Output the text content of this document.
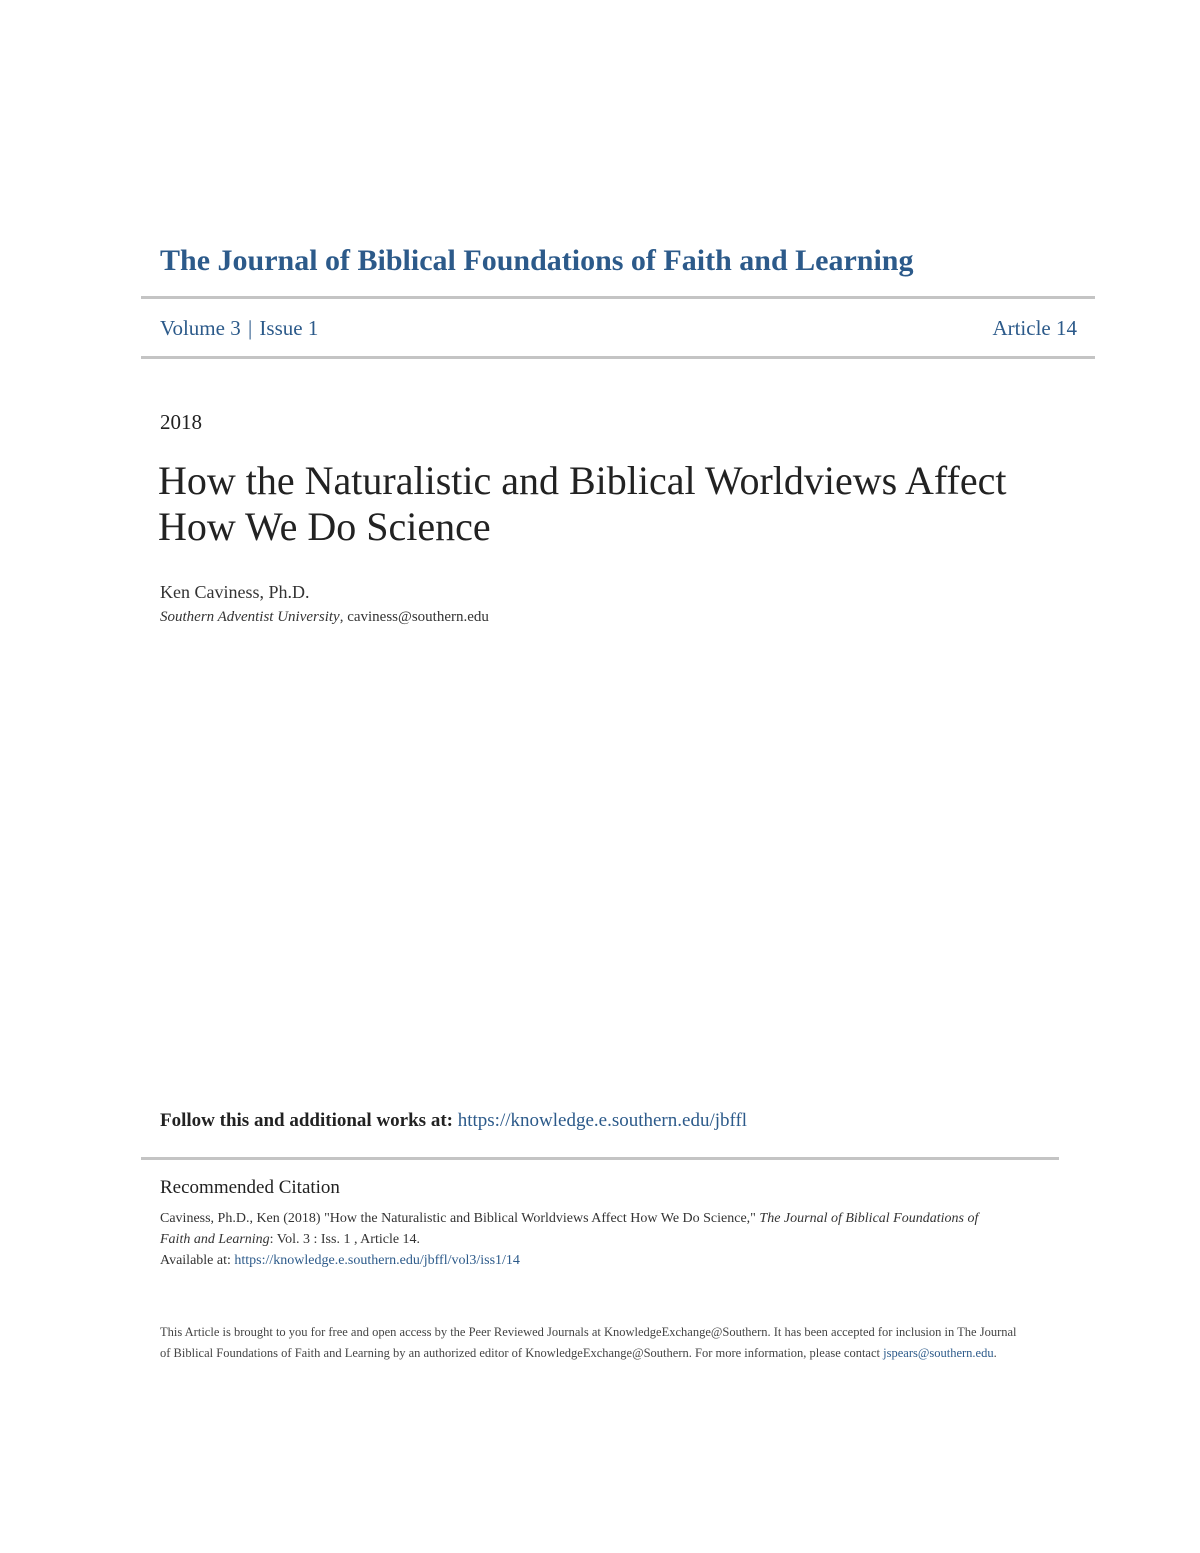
The Journal of Biblical Foundations of Faith and Learning
Volume 3 | Issue 1	Article 14
2018
How the Naturalistic and Biblical Worldviews Affect How We Do Science
Ken Caviness, Ph.D.
Southern Adventist University, caviness@southern.edu
Follow this and additional works at: https://knowledge.e.southern.edu/jbffl
Recommended Citation
Caviness, Ph.D., Ken (2018) "How the Naturalistic and Biblical Worldviews Affect How We Do Science," The Journal of Biblical Foundations of Faith and Learning: Vol. 3 : Iss. 1 , Article 14.
Available at: https://knowledge.e.southern.edu/jbffl/vol3/iss1/14
This Article is brought to you for free and open access by the Peer Reviewed Journals at KnowledgeExchange@Southern. It has been accepted for inclusion in The Journal of Biblical Foundations of Faith and Learning by an authorized editor of KnowledgeExchange@Southern. For more information, please contact jspears@southern.edu.
